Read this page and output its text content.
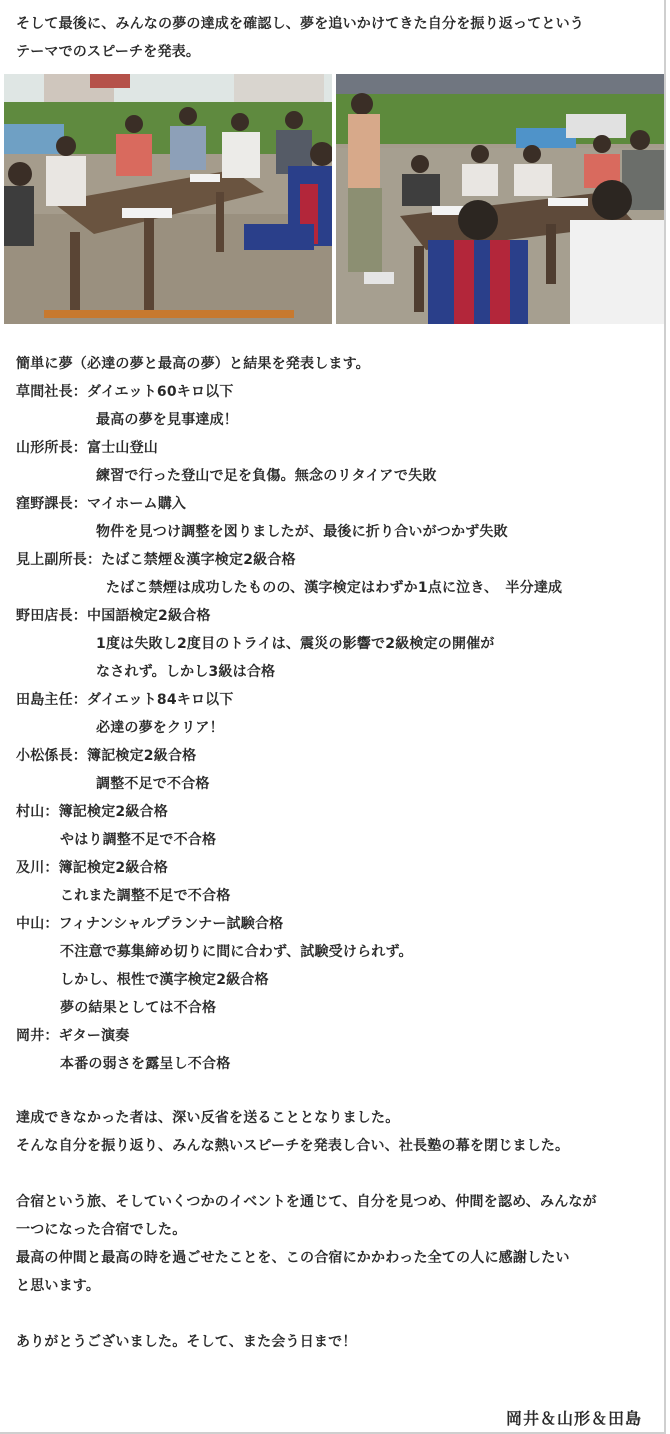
そして最後に、みんなの夢の達成を確認し、夢を追いかけてきた自分を振り返ってという
テーマでのスピーチを発表。
簡単に夢（必達の夢と最高の夢）と結果を発表します。
草間社長： ダイエット60キロ以下
最高の夢を見事達成！
山形所長： 富士山登山
練習で行った登山で足を負傷。無念のリタイアで失敗
窪野課長： マイホーム購入
物件を見つけ調整を図りましたが、最後に折り合いがつかず失敗
見上副所長： たばこ禁煙＆漢字検定2級合格
たばこ禁煙は成功したものの、漢字検定はわずか1点に泣き、　半分達成
野田店長： 中国語検定2級合格
1度は失敗し2度目のトライは、震災の影響で2級検定の開催が
なされず。しかし3級は合格
田島主任： ダイエット84キロ以下
必達の夢をクリア！
小松係長： 簿記検定2級合格
調整不足で不合格
村山： 簿記検定2級合格
やはり調整不足で不合格
及川： 簿記検定2級合格
これまた調整不足で不合格
中山： フィナンシャルプランナー試験合格
不注意で募集締め切りに間に合わず、試験受けられず。
しかし、根性で漢字検定2級合格
夢の結果としては不合格
岡井： ギター演奏
本番の弱さを露呈し不合格
達成できなかった者は、深い反省を送ることとなりました。
そんな自分を振り返り、みんな熱いスピーチを発表し合い、社長塾の幕を閉じました。
合宿という旅、そしていくつかのイベントを通じて、自分を見つめ、仲間を認め、みんなが
一つになった合宿でした。
最高の仲間と最高の時を過ごせたことを、この合宿にかかわった全ての人に感謝したい
と思います。
ありがとうございました。そして、また会う日まで！
岡井＆山形＆田島
